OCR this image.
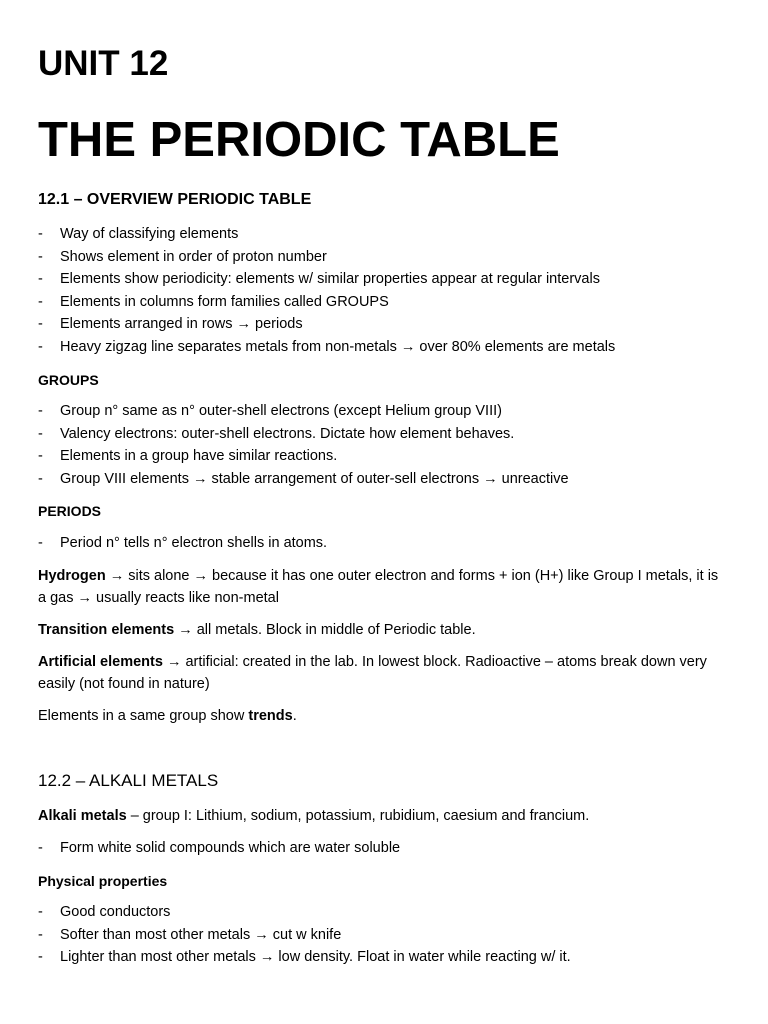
UNIT 12
THE PERIODIC TABLE
12.1 – OVERVIEW PERIODIC TABLE
- Way of classifying elements
- Shows element in order of proton number
- Elements show periodicity: elements w/ similar properties appear at regular intervals
- Elements in columns form families called GROUPS
- Elements arranged in rows → periods
- Heavy zigzag line separates metals from non-metals → over 80% elements are metals
GROUPS
- Group n° same as n° outer-shell electrons (except Helium group VIII)
- Valency electrons: outer-shell electrons. Dictate how element behaves.
- Elements in a group have similar reactions.
- Group VIII elements → stable arrangement of outer-sell electrons → unreactive
PERIODS
- Period n° tells n° electron shells in atoms.

Hydrogen → sits alone → because it has one outer electron and forms + ion (H+) like Group I metals, it is a gas → usually reacts like non-metal

Transition elements → all metals. Block in middle of Periodic table.

Artificial elements → artificial: created in the lab. In lowest block. Radioactive – atoms break down very easily (not found in nature)

Elements in a same group show trends.

12.2 – ALKALI METALS

Alkali metals – group I: Lithium, sodium, potassium, rubidium, caesium and francium.

- Form white solid compounds which are water soluble
Physical properties
- Good conductors
- Softer than most other metals → cut w knife
- Lighter than most other metals → low density. Float in water while reacting w/ it.
